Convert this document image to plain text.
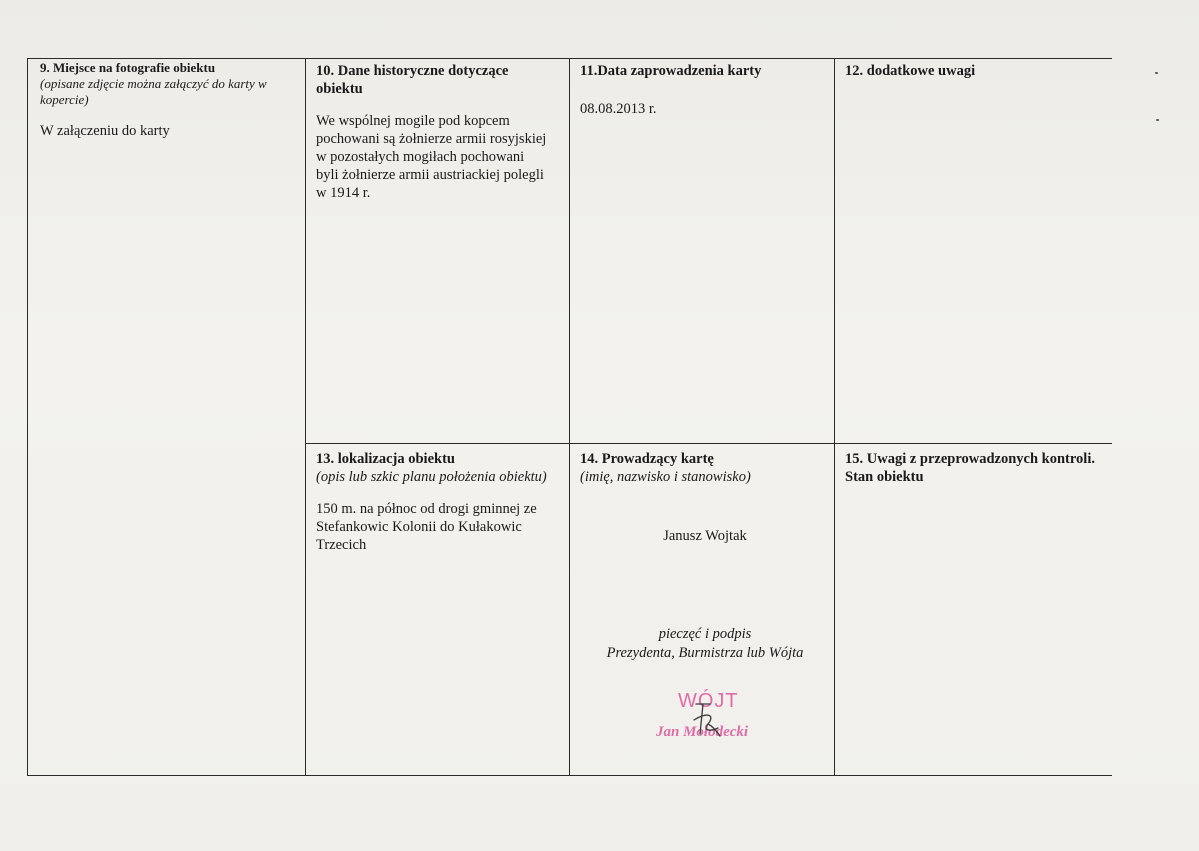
9. Miejsce na fotografie obiektu
(opisane zdjęcie można załączyć do karty w kopercie)
W załączeniu do karty
10. Dane historyczne dotyczące obiektu
We wspólnej mogile pod kopcem pochowani są żołnierze armii rosyjskiej w pozostałych mogiłach pochowani byli żołnierze armii austriackiej polegli w 1914 r.
11.Data zaprowadzenia karty
08.08.2013 r.
12. dodatkowe uwagi
13. lokalizacja obiektu
(opis lub szkic planu położenia obiektu)
150 m. na północ od drogi gminnej ze Stefankowic Kolonii do Kułakowic Trzecich
14. Prowadzący kartę
(imię, nazwisko i stanowisko)
Janusz Wojtak
pieczęć i podpis
Prezydenta, Burmistrza lub Wójta
WÓJT
Jan Mołodecki
15. Uwagi z przeprowadzonych kontroli. Stan obiektu
